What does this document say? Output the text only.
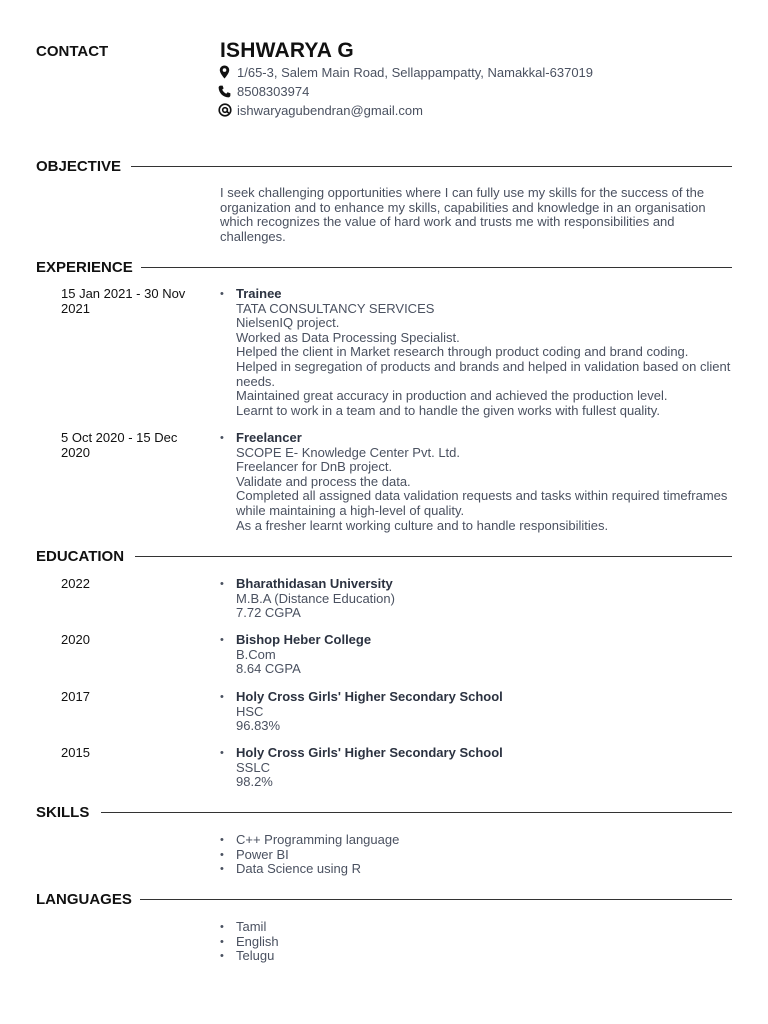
CONTACT	ISHWARYA G
1/65-3, Salem Main Road, Sellappampatty, Namakkal-637019
8508303974
ishwaryagubendran@gmail.com
OBJECTIVE
I seek challenging opportunities where I can fully use my skills for the success of the organization and to enhance my skills, capabilities and knowledge in an organisation which recognizes the value of hard work and trusts me with responsibilities and challenges.
EXPERIENCE
15 Jan 2021 - 30 Nov 2021
• Trainee
TATA CONSULTANCY SERVICES
NielsenIQ project.
Worked as Data Processing Specialist.
Helped the client in Market research through product coding and brand coding.
Helped in segregation of products and brands and helped in validation based on client needs.
Maintained great accuracy in production and achieved the production level.
Learnt to work in a team and to handle the given works with fullest quality.
5 Oct 2020 - 15 Dec 2020
• Freelancer
SCOPE E- Knowledge Center Pvt. Ltd.
Freelancer for DnB project.
Validate and process the data.
Completed all assigned data validation requests and tasks within required timeframes while maintaining a high-level of quality.
As a fresher learnt working culture and to handle responsibilities.
EDUCATION
2022	• Bharathidasan University
M.B.A (Distance Education)
7.72 CGPA
2020	• Bishop Heber College
B.Com
8.64 CGPA
2017	• Holy Cross Girls' Higher Secondary School
HSC
96.83%
2015	• Holy Cross Girls' Higher Secondary School
SSLC
98.2%
SKILLS
• C++ Programming language
• Power BI
• Data Science using R
LANGUAGES
• Tamil
• English
• Telugu
